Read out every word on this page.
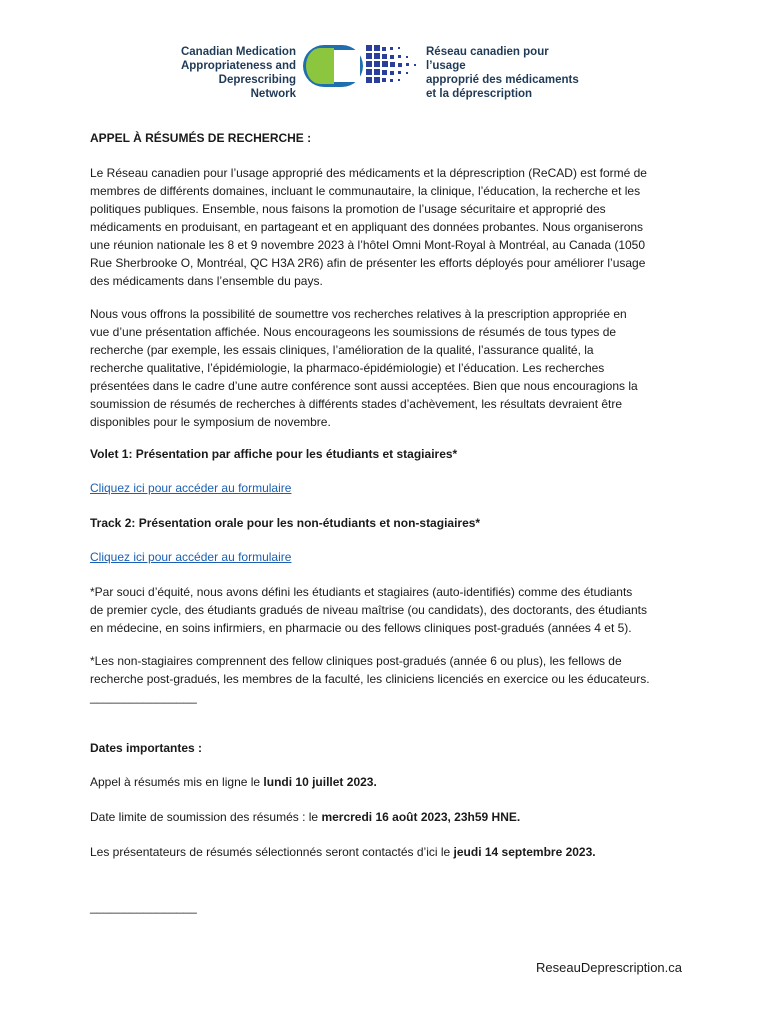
Canadian Medication
Appropriateness and
Deprescribing Network
Réseau canadien pour l’usage
approprié des médicaments
et la déprescription

APPEL À RÉSUMÉS DE RECHERCHE :

Le Réseau canadien pour l’usage approprié des médicaments et la déprescription (ReCAD) est formé de

membres de différents domaines, incluant le communautaire, la clinique, l’éducation, la recherche et les

politiques publiques. Ensemble, nous faisons la promotion de l’usage sécuritaire et approprié des

médicaments en produisant, en partageant et en appliquant des données probantes. Nous organiserons

une réunion nationale les 8 et 9 novembre 2023 à l’hôtel Omni Mont-Royal à Montréal, au Canada (1050

Rue Sherbrooke O, Montréal, QC H3A 2R6) afin de présenter les efforts déployés pour améliorer l’usage

des médicaments dans l’ensemble du pays.

Nous vous offrons la possibilité de soumettre vos recherches relatives à la prescription appropriée en

vue d’une présentation affichée. Nous encourageons les soumissions de résumés de tous types de

recherche (par exemple, les essais cliniques, l’amélioration de la qualité, l’assurance qualité, la

recherche qualitative, l’épidémiologie, la pharmaco-épidémiologie) et l’éducation. Les recherches

présentées dans le cadre d’une autre conférence sont aussi acceptées. Bien que nous encouragions la

soumission de résumés de recherches à différents stades d’achèvement, les résultats devraient être

disponibles pour le symposium de novembre.

Volet 1: Présentation par affiche pour les étudiants et stagiaires*

Cliquez ici pour accéder au formulaire

Track 2: Présentation orale pour les non-étudiants et non-stagiaires*

Cliquez ici pour accéder au formulaire

*Par souci d’équité, nous avons défini les étudiants et stagiaires (auto-identifiés) comme des étudiants

de premier cycle, des étudiants gradués de niveau maîtrise (ou candidats), des doctorants, des étudiants

en médecine, en soins infirmiers, en pharmacie ou des fellows cliniques post-gradués (années 4 et 5).

*Les non-stagiaires comprennent des fellow cliniques post-gradués (année 6 ou plus), les fellows de

recherche post-gradués, les membres de la faculté, les cliniciens licenciés en exercice ou les éducateurs.

________________

Dates importantes :

Appel à résumés mis en ligne le lundi 10 juillet 2023.

Date limite de soumission des résumés : le mercredi 16 août 2023, 23h59 HNE.

Les présentateurs de résumés sélectionnés seront contactés d’ici le jeudi 14 septembre 2023.

________________

ReseauDeprescription.ca
